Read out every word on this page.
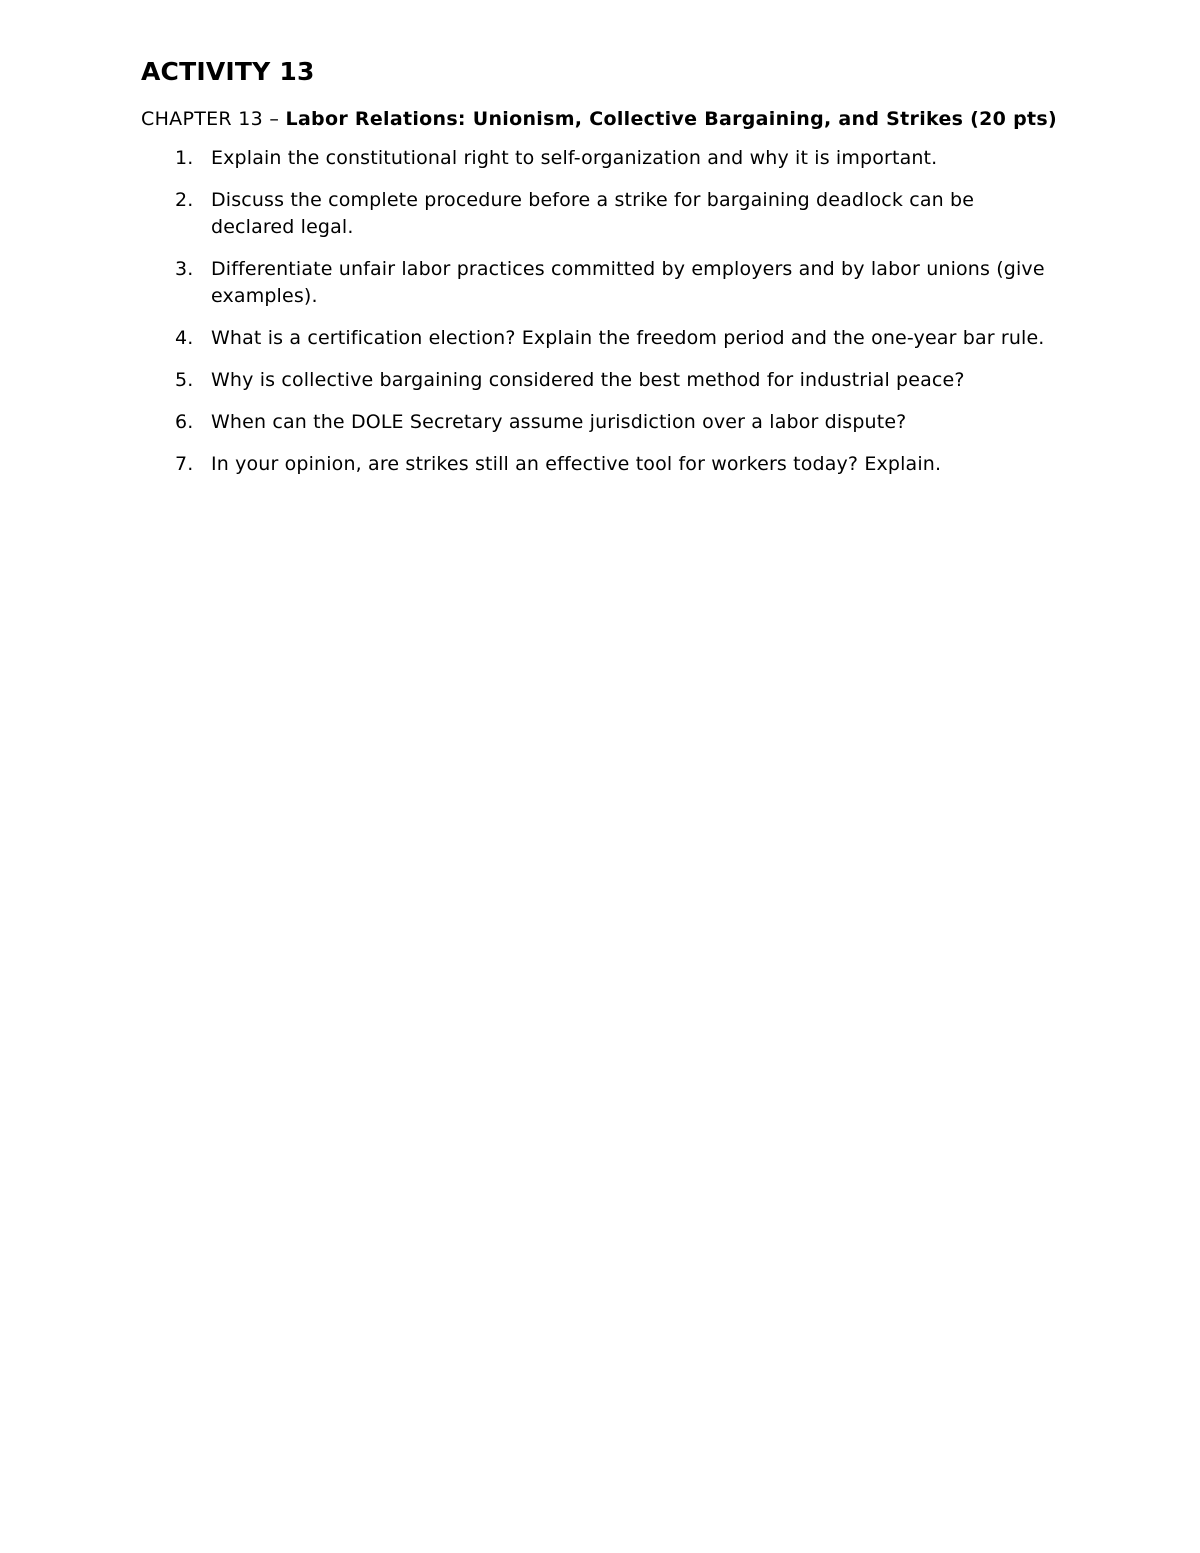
ACTIVITY 13

CHAPTER 13 – Labor Relations: Unionism, Collective Bargaining, and Strikes (20 pts)

1. Explain the constitutional right to self-organization and why it is important.
2. Discuss the complete procedure before a strike for bargaining deadlock can be declared legal.
3. Differentiate unfair labor practices committed by employers and by labor unions (give examples).
4. What is a certification election? Explain the freedom period and the one-year bar rule.
5. Why is collective bargaining considered the best method for industrial peace?
6. When can the DOLE Secretary assume jurisdiction over a labor dispute?
7. In your opinion, are strikes still an effective tool for workers today? Explain.
